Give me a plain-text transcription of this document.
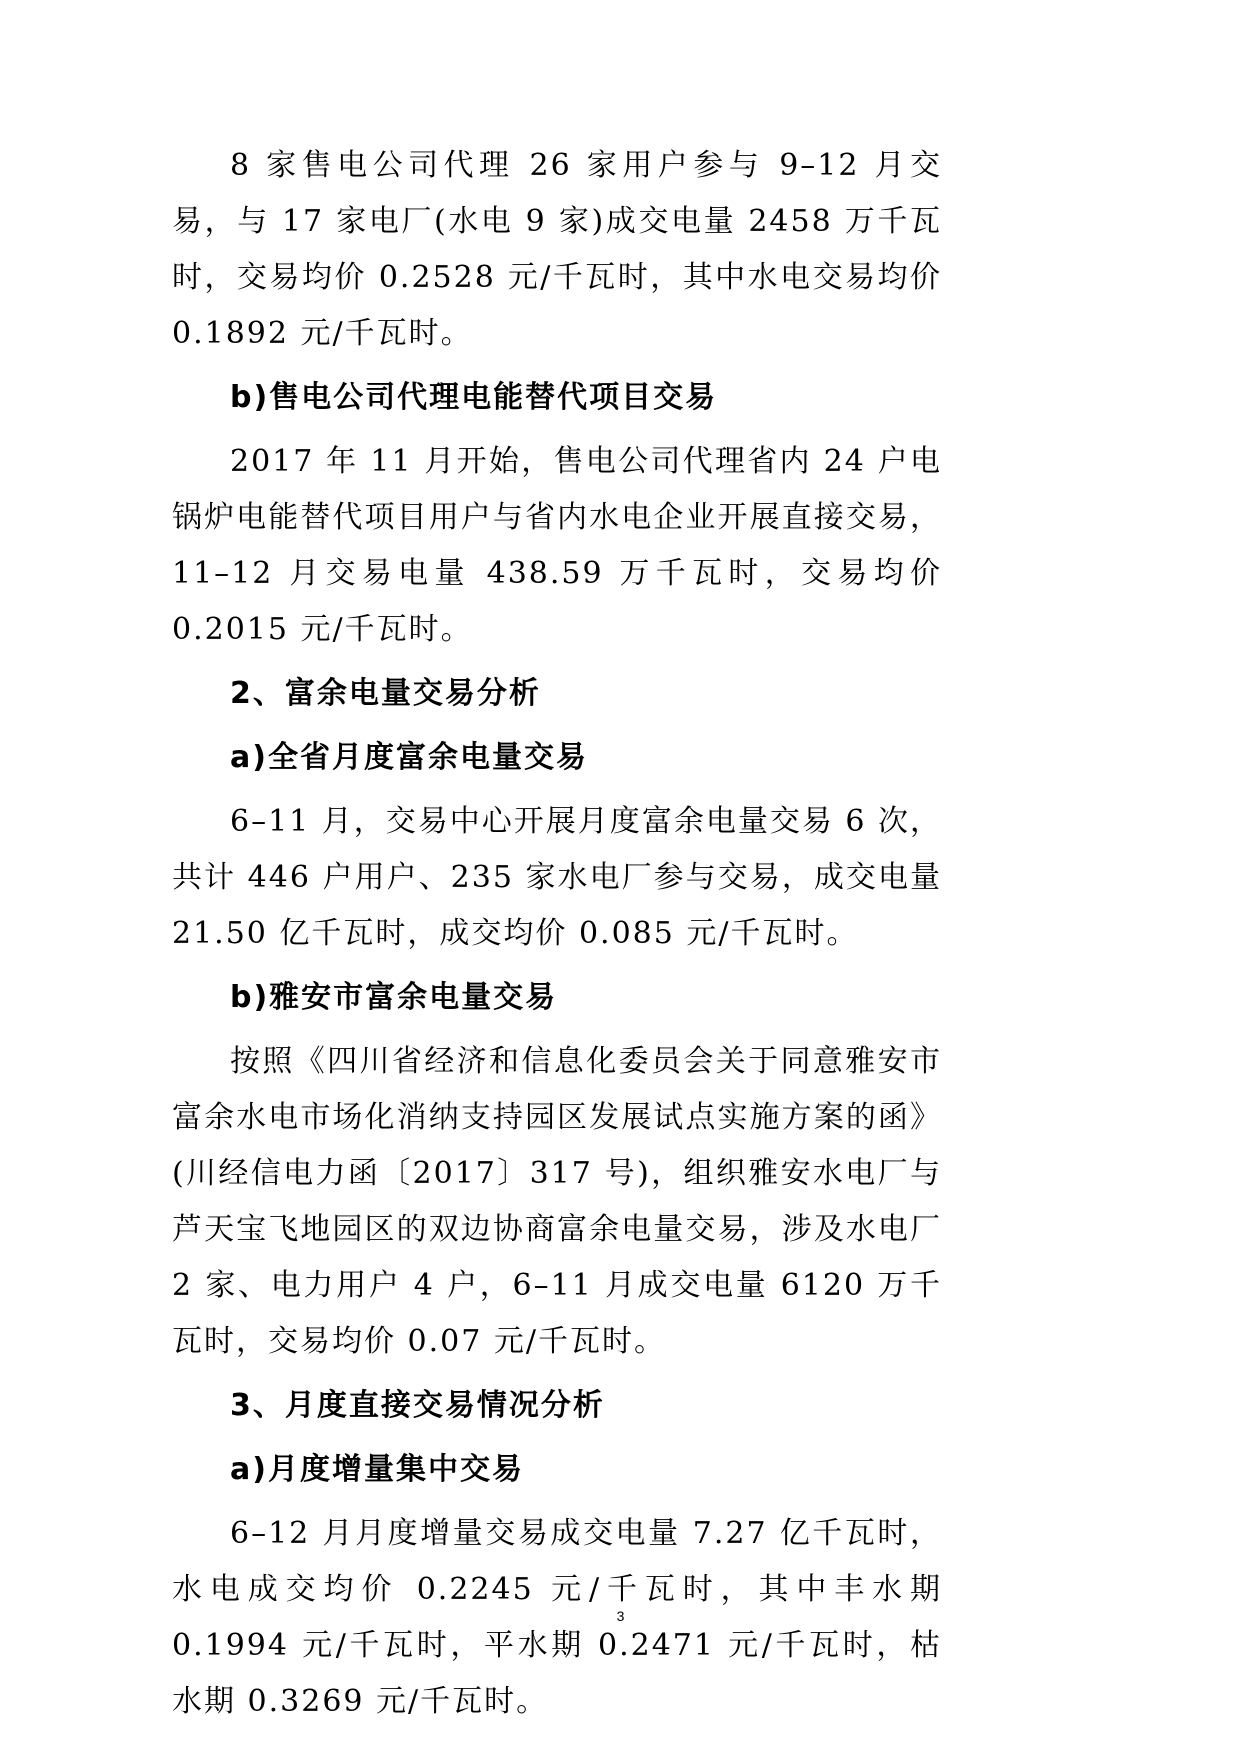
8 家售电公司代理 26 家用户参与 9–12 月交易，与 17 家电厂(水电 9 家)成交电量 2458 万千瓦时，交易均价 0.2528 元/千瓦时，其中水电交易均价 0.1892 元/千瓦时。

b)售电公司代理电能替代项目交易

2017 年 11 月开始，售电公司代理省内 24 户电锅炉电能替代项目用户与省内水电企业开展直接交易，11–12 月交易电量 438.59 万千瓦时，交易均价 0.2015 元/千瓦时。

2、富余电量交易分析

a)全省月度富余电量交易

6–11 月，交易中心开展月度富余电量交易 6 次，共计 446 户用户、235 家水电厂参与交易，成交电量 21.50 亿千瓦时，成交均价 0.085 元/千瓦时。

b)雅安市富余电量交易

按照《四川省经济和信息化委员会关于同意雅安市富余水电市场化消纳支持园区发展试点实施方案的函》(川经信电力函〔2017〕317 号)，组织雅安水电厂与芦天宝飞地园区的双边协商富余电量交易，涉及水电厂 2 家、电力用户 4 户，6–11 月成交电量 6120 万千瓦时，交易均价 0.07 元/千瓦时。

3、月度直接交易情况分析

a)月度增量集中交易

6–12 月月度增量交易成交电量 7.27 亿千瓦时，水电成交均价 0.2245 元/千瓦时，其中丰水期 0.1994 元/千瓦时，平水期 0.2471 元/千瓦时，枯水期 0.3269 元/千瓦时。

3
